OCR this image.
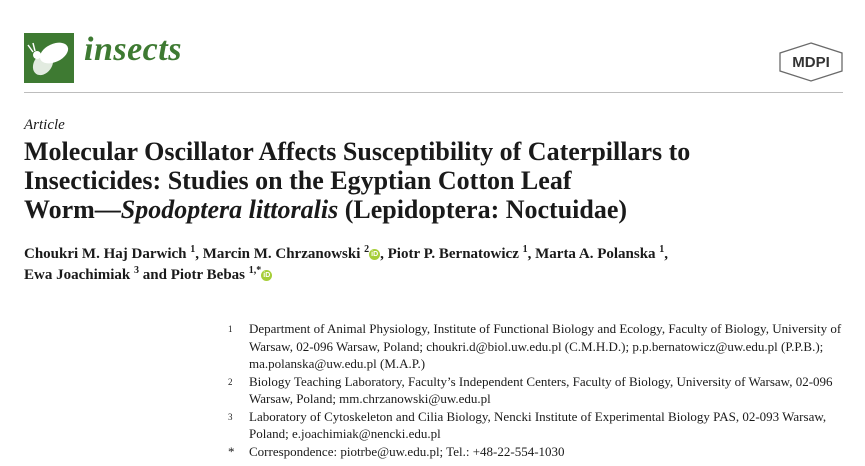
insects	MDPI
Article
Molecular Oscillator Affects Susceptibility of Caterpillars to
Insecticides: Studies on the Egyptian Cotton Leaf
Worm—Spodoptera littoralis (Lepidoptera: Noctuidae)
Choukri M. Haj Darwich $^1$, Marcin M. Chrzanowski $^2$ iD , Piotr P. Bernatowicz $^1$, Marta A. Polanska $^1$,
Ewa Joachimiak $^3$ and Piotr Bebas $^{1,*}$ iD
1	Department of Animal Physiology, Institute of Functional Biology and Ecology, Faculty of Biology, University of Warsaw, 02-096 Warsaw, Poland; choukri.d@biol.uw.edu.pl (C.M.H.D.); p.p.bernatowicz@uw.edu.pl (P.P.B.); ma.polanska@uw.edu.pl (M.A.P.)
2	Biology Teaching Laboratory, Faculty’s Independent Centers, Faculty of Biology, University of Warsaw, 02-096 Warsaw, Poland; mm.chrzanowski@uw.edu.pl
3	Laboratory of Cytoskeleton and Cilia Biology, Nencki Institute of Experimental Biology PAS, 02-093 Warsaw, Poland; e.joachimiak@nencki.edu.pl
*	Correspondence: piotrbe@uw.edu.pl; Tel.: +48-22-554-1030
